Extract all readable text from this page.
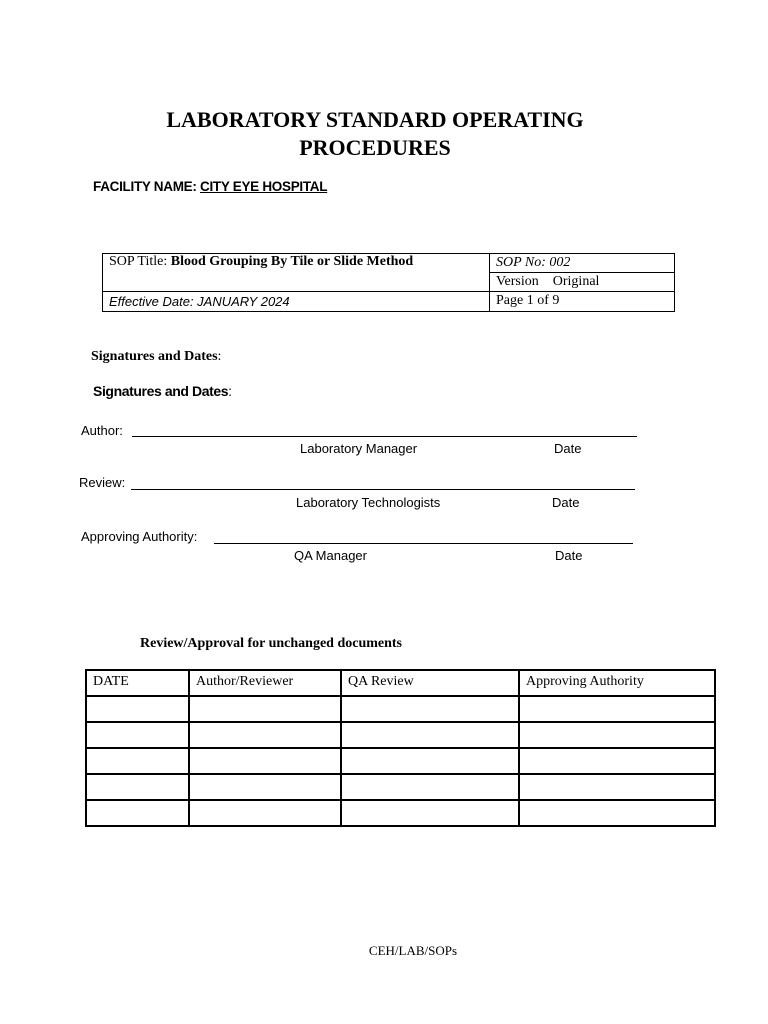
LABORATORY STANDARD OPERATING
PROCEDURES
FACILITY NAME: CITY EYE HOSPITAL
SOP Title: Blood Grouping By Tile or Slide Method	SOP No: 002
	Version    Original
Effective Date: JANUARY 2024	Page 1 of 9
Signatures and Dates:
Signatures and Dates:
Author:
Laboratory Manager	Date
Review:
Laboratory Technologists	Date
Approving Authority:
QA Manager	Date
Review/Approval for unchanged documents
DATE	Author/Reviewer	QA Review	Approving Authority

CEH/LAB/SOPs
